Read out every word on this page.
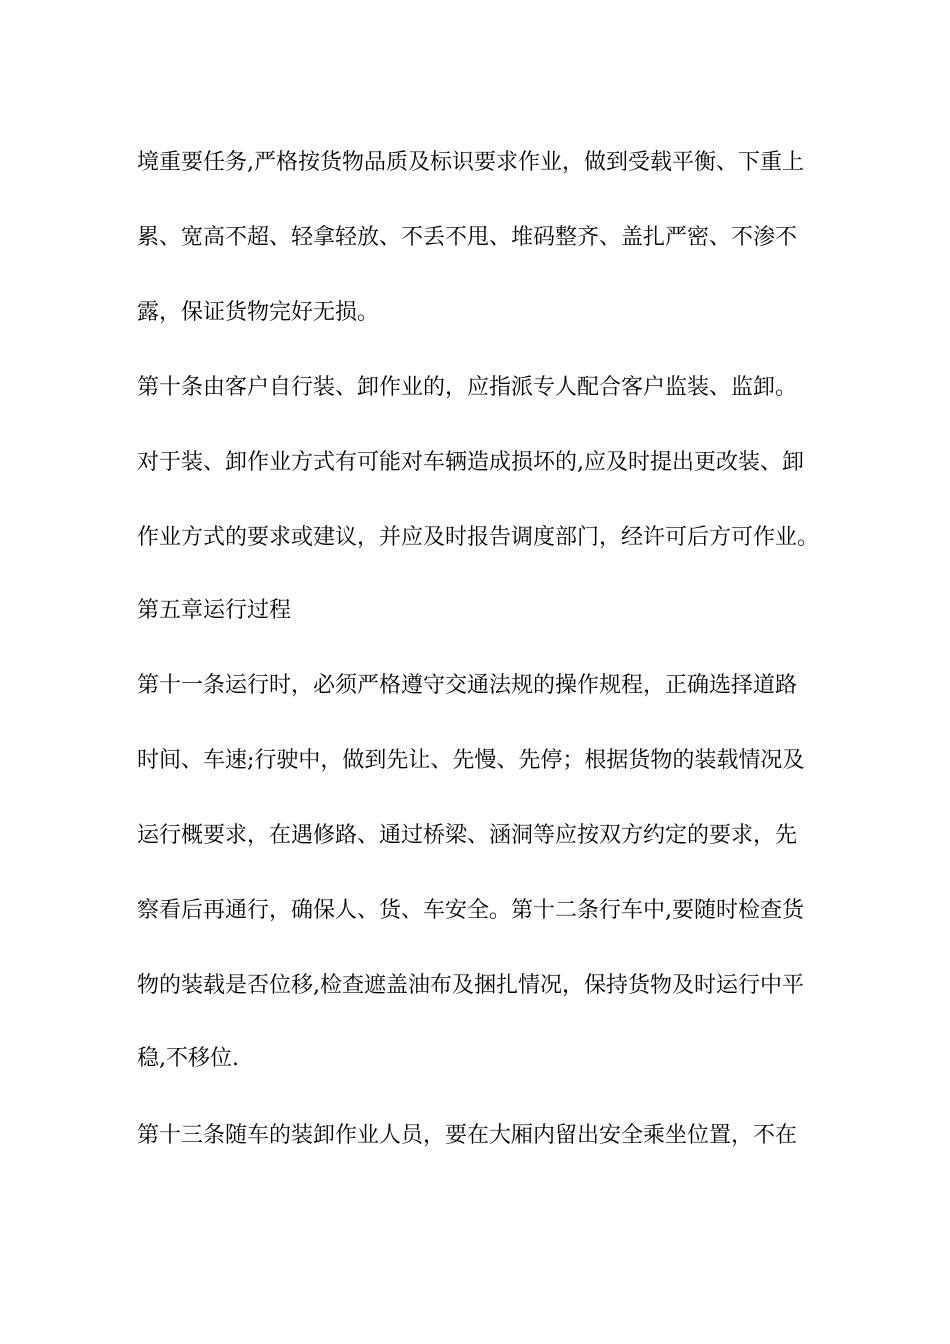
境重要任务,严格按货物品质及标识要求作业，做到受载平衡、下重上
累、宽高不超、轻拿轻放、不丢不甩、堆码整齐、盖扎严密、不渗不
露，保证货物完好无损。
第十条由客户自行装、卸作业的，应指派专人配合客户监装、监卸。
对于装、卸作业方式有可能对车辆造成损坏的,应及时提出更改装、卸
作业方式的要求或建议，并应及时报告调度部门，经许可后方可作业。
第五章运行过程
第十一条运行时，必须严格遵守交通法规的操作规程，正确选择道路
时间、车速;行驶中，做到先让、先慢、先停；根据货物的装载情况及
运行概要求，在遇修路、通过桥梁、涵洞等应按双方约定的要求，先
察看后再通行，确保人、货、车安全。第十二条行车中,要随时检查货
物的装载是否位移,检查遮盖油布及捆扎情况，保持货物及时运行中平
稳,不移位.
第十三条随车的装卸作业人员，要在大厢内留出安全乘坐位置，不在
